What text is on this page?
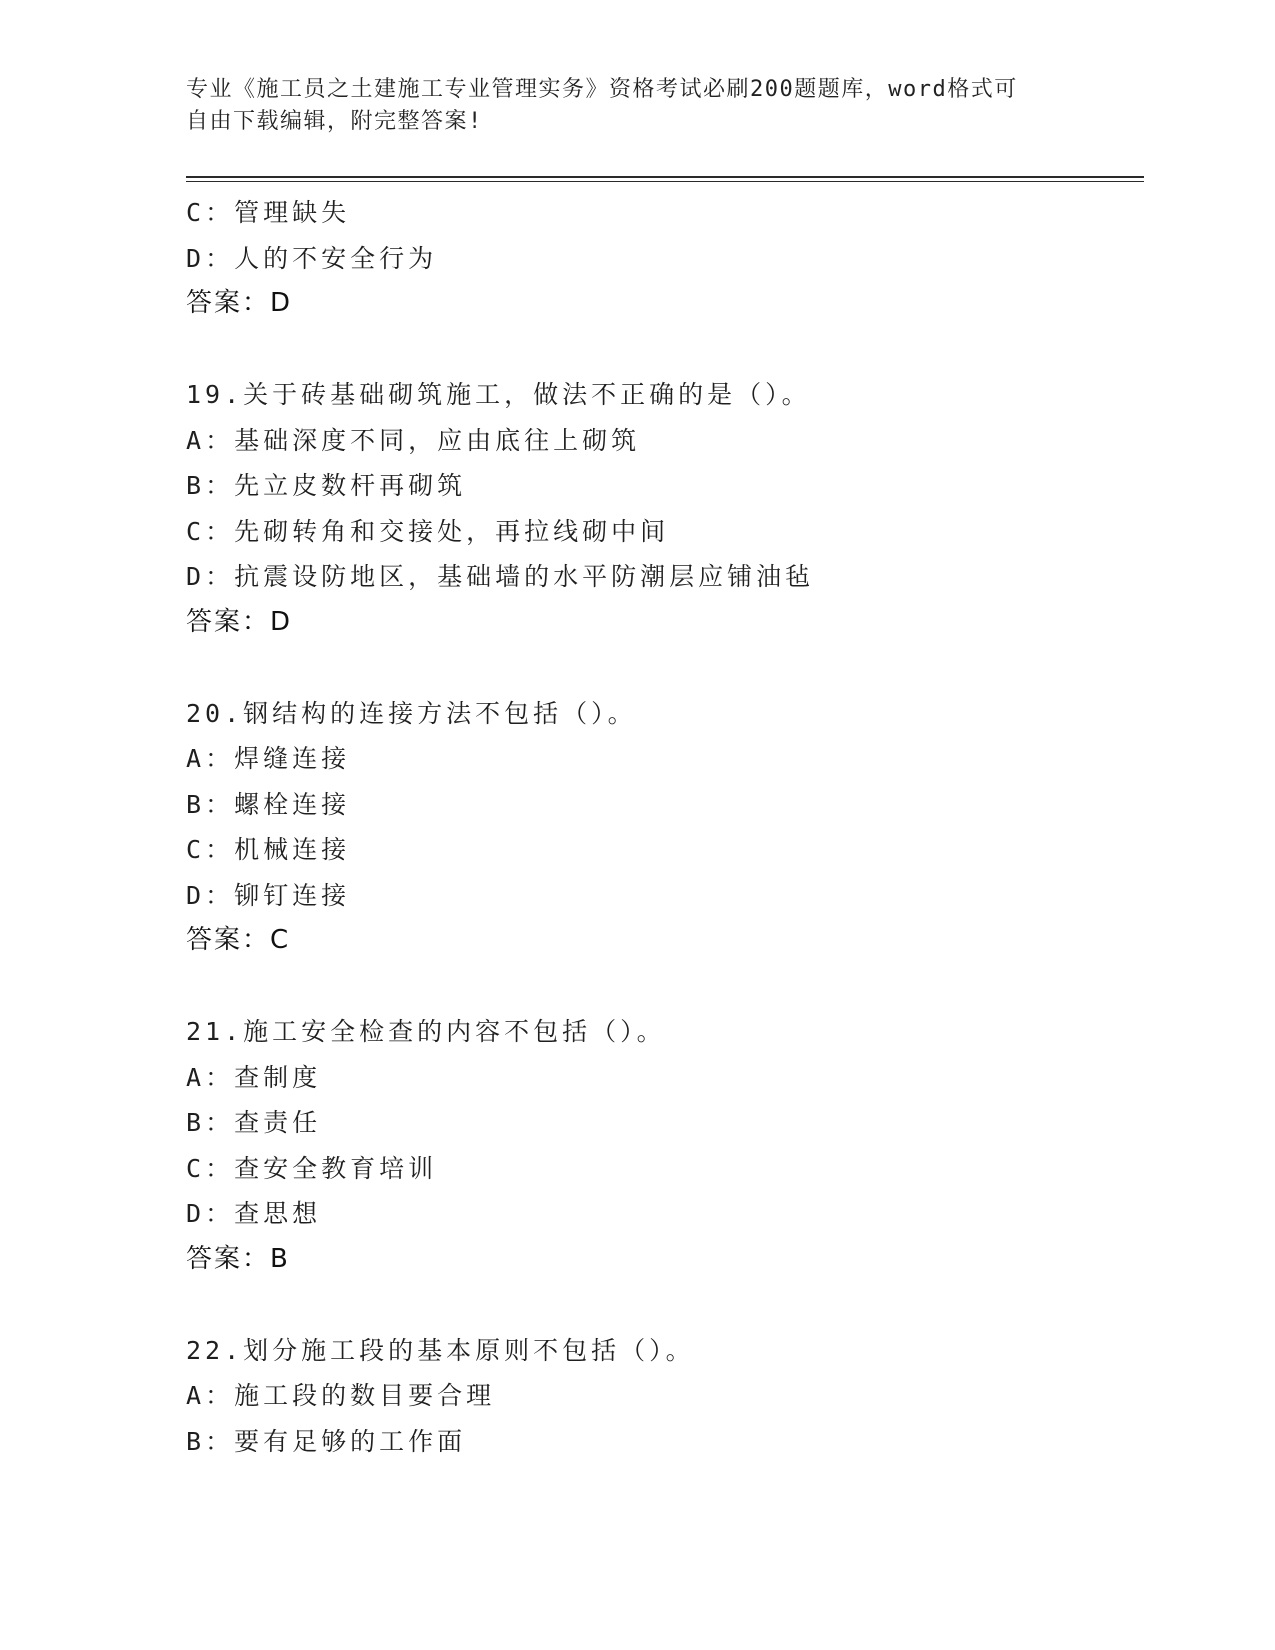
专业《施工员之土建施工专业管理实务》资格考试必刷200题题库，word格式可
自由下载编辑，附完整答案!
C：管理缺失
D：人的不安全行为
答案：D
19.关于砖基础砌筑施工，做法不正确的是（）。
A：基础深度不同，应由底往上砌筑
B：先立皮数杆再砌筑
C：先砌转角和交接处，再拉线砌中间
D：抗震设防地区，基础墙的水平防潮层应铺油毡
答案：D
20.钢结构的连接方法不包括（）。
A：焊缝连接
B：螺栓连接
C：机械连接
D：铆钉连接
答案：C
21.施工安全检查的内容不包括（）。
A：查制度
B：查责任
C：查安全教育培训
D：查思想
答案：B
22.划分施工段的基本原则不包括（）。
A：施工段的数目要合理
B：要有足够的工作面
